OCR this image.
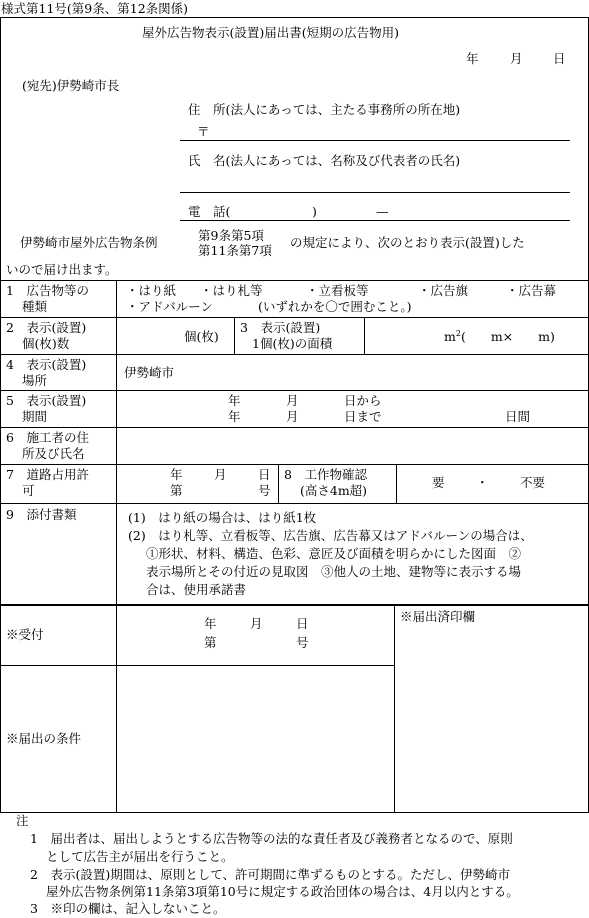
様式第11号(第9条、第12条関係)
屋外広告物表示(設置)届出書(短期の広告物用)
年	月 日
(宛先)伊勢崎市長
住　所(法人にあっては、主たる事務所の所在地)
〒
氏　名(法人にあっては、名称及び代表者の氏名)
電　話(	)	—
伊勢崎市屋外広告物条例	第9条第5項
第11条第7項
の規定により、次のとおり表示(設置)した
いので届け出ます。
1　広告物等の
種類
・はり紙 ・はり札等	・立看板等	・広告旗	・広告幕
・アドバルーン	(いずれかを〇で囲むこと。)
2　表示(設置)
個(枚)数	個(枚)
3　表示(設置)
1個(枚)の面積	$m^2$(　　m×　　m)
4　表示(設置)
場所
伊勢崎市
5　表示(設置)
期間
年	月	日から
年	月	日まで	日間
6　施工者の住
所及び氏名
7　道路占用許
可
年	月	日
第	号
8　工作物確認
(高さ4m超)
要	・	不要
9　添付書類	(1)　はり紙の場合は、はり紙1枚
(2)　はり札等、立看板等、広告旗、広告幕又はアドバルーンの場合は、
①形状、材料、構造、色彩、意匠及び面積を明らかにした図面　②
表示場所とその付近の見取図　③他人の土地、建物等に表示する場
合は、使用承諾書
※受付
年	月	日
第	号
※届出の条件
※届出済印欄
注
1　届出者は、届出しようとする広告物等の法的な責任者及び義務者となるので、原則
として広告主が届出を行うこと。
2　表示(設置)期間は、原則として、許可期間に準ずるものとする。ただし、伊勢崎市
屋外広告物条例第11条第3項第10号に規定する政治団体の場合は、4月以内とする。
3　※印の欄は、記入しないこと。
